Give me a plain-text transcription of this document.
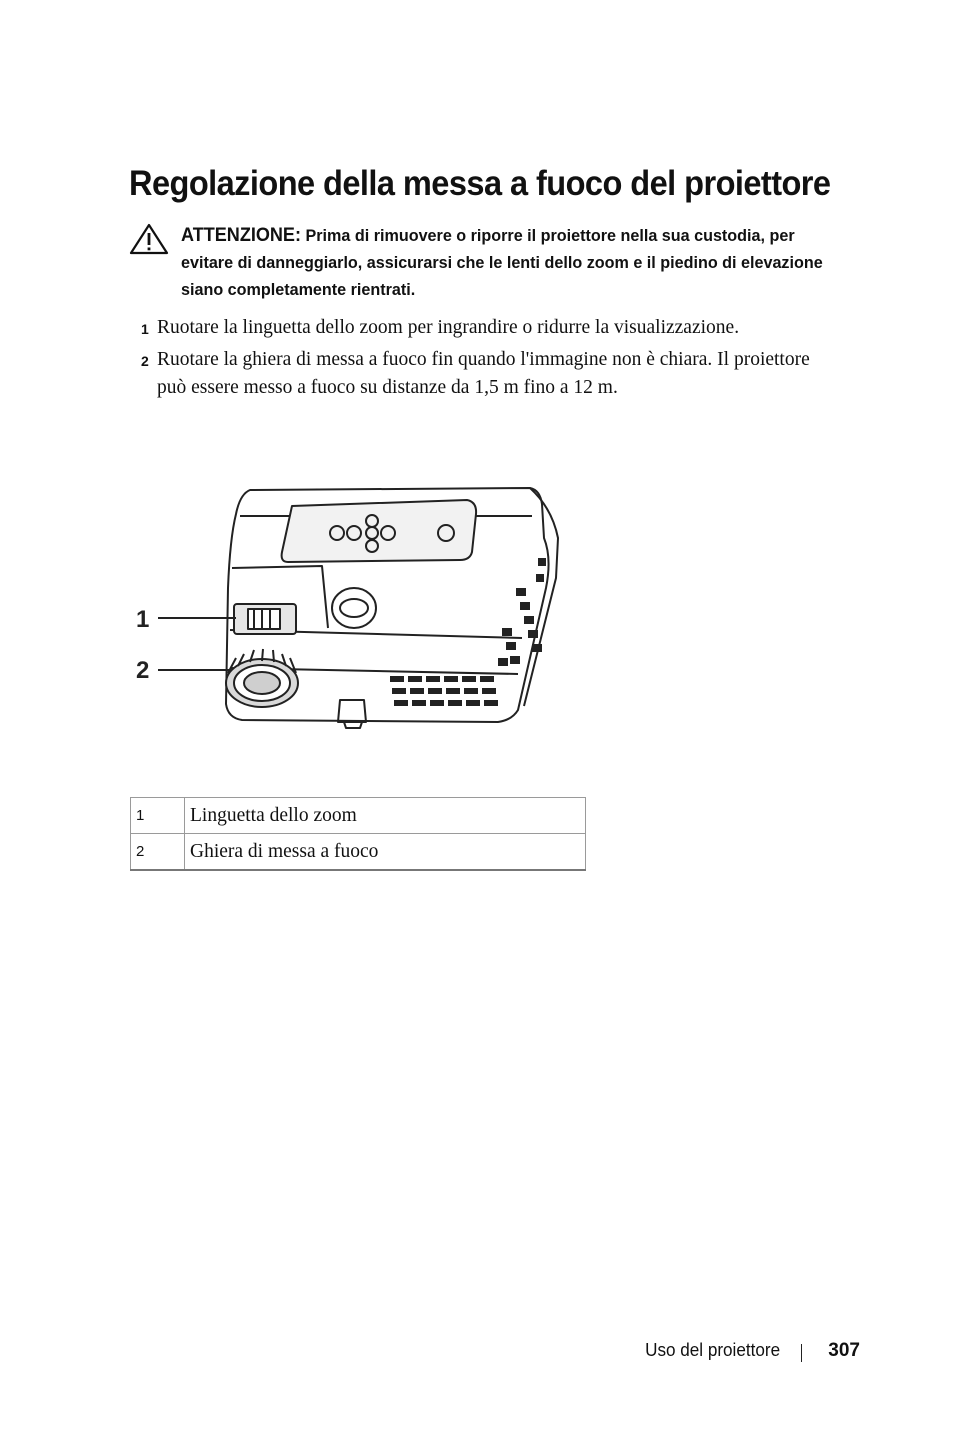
Regolazione della messa a fuoco del proiettore
ATTENZIONE: Prima di rimuovere o riporre il proiettore nella sua custodia, per evitare di danneggiarlo, assicurarsi che le lenti dello zoom e il piedino di elevazione siano completamente rientrati.
1 Ruotare la linguetta dello zoom per ingrandire o ridurre la visualizzazione.
2 Ruotare la ghiera di messa a fuoco fin quando l'immagine non è chiara. Il proiettore può essere messo a fuoco su distanze da 1,5 m fino a 12 m.
1
2
1	Linguetta dello zoom
2	Ghiera di messa a fuoco
Uso del proiettore	307
